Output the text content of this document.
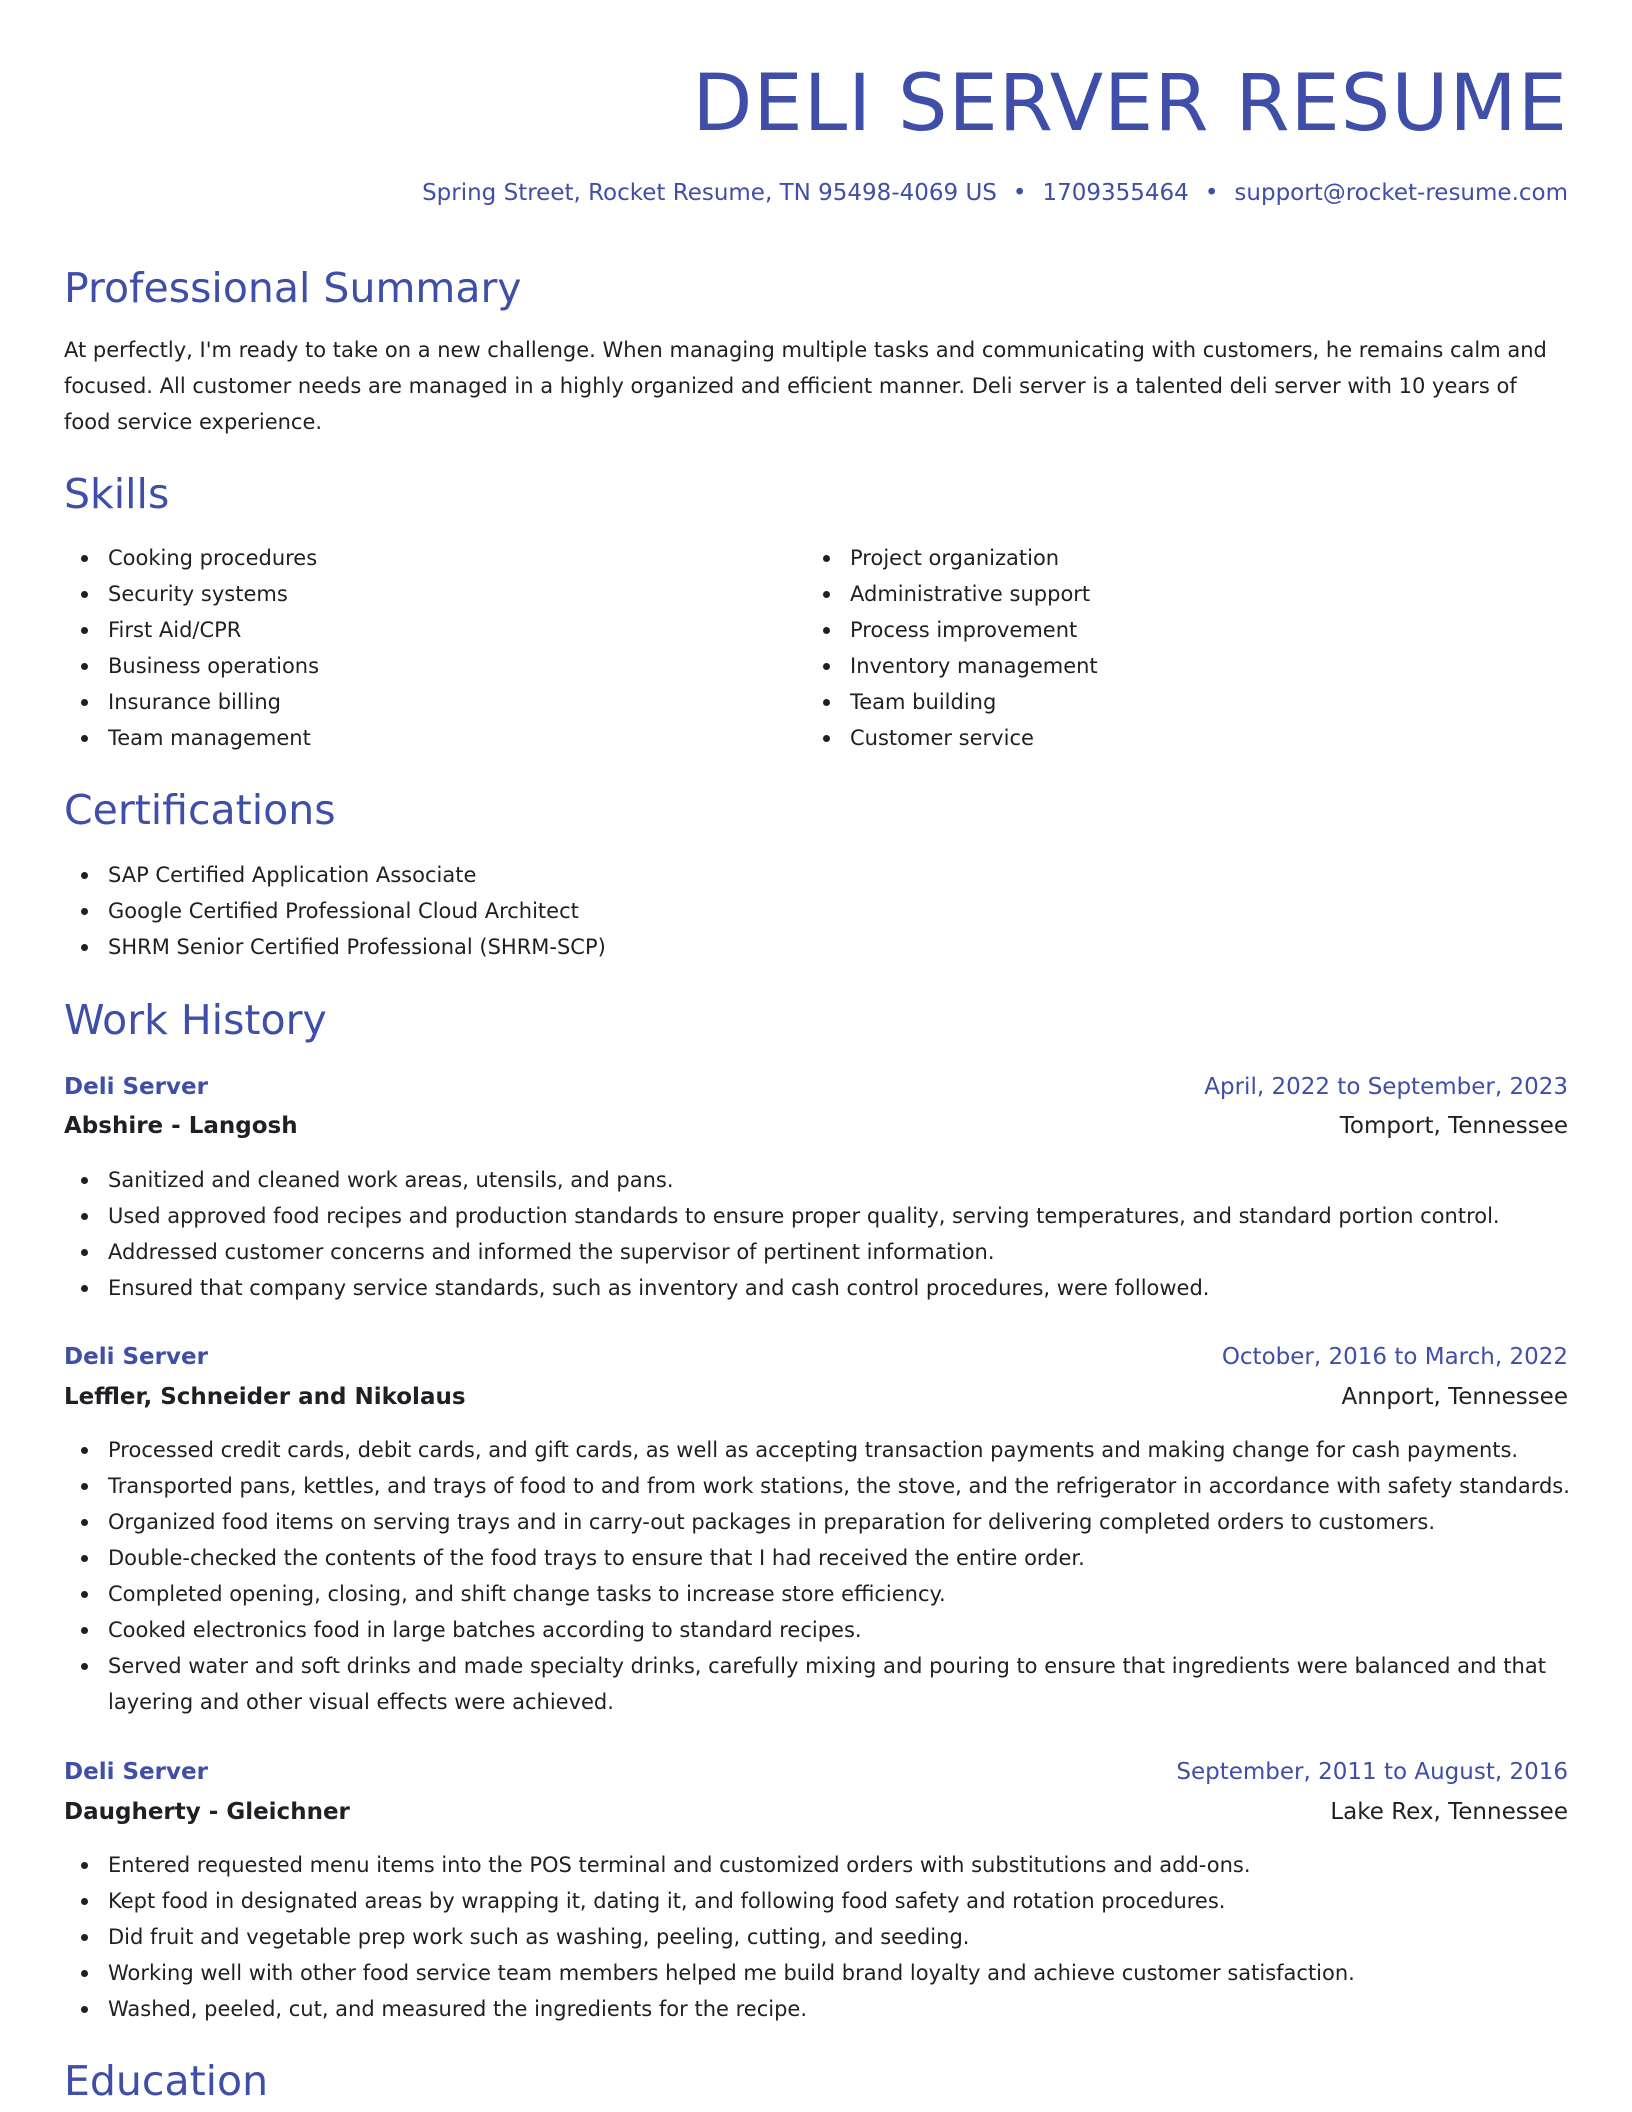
DELI SERVER RESUME
Spring Street, Rocket Resume, TN 95498-4069 US • 1709355464 • support@rocket-resume.com
Professional Summary

At perfectly, I'm ready to take on a new challenge. When managing multiple tasks and communicating with customers, he remains calm and focused. All customer needs are managed in a highly organized and efficient manner. Deli server is a talented deli server with 10 years of food service experience.

Skills
Cooking procedures
Security systems
First Aid/CPR
Business operations
Insurance billing
Team management
Project organization
Administrative support
Process improvement
Inventory management
Team building
Customer service
Certifications
SAP Certified Application Associate
Google Certified Professional Cloud Architect
SHRM Senior Certified Professional (SHRM-SCP)
Work History
Deli Server	April, 2022 to September, 2023
Abshire - Langosh	Tomport, Tennessee
Sanitized and cleaned work areas, utensils, and pans.
Used approved food recipes and production standards to ensure proper quality, serving temperatures, and standard portion control.
Addressed customer concerns and informed the supervisor of pertinent information.
Ensured that company service standards, such as inventory and cash control procedures, were followed.
Deli Server	October, 2016 to March, 2022
Leffler, Schneider and Nikolaus	Annport, Tennessee
Processed credit cards, debit cards, and gift cards, as well as accepting transaction payments and making change for cash payments.
Transported pans, kettles, and trays of food to and from work stations, the stove, and the refrigerator in accordance with safety standards.
Organized food items on serving trays and in carry-out packages in preparation for delivering completed orders to customers.
Double-checked the contents of the food trays to ensure that I had received the entire order.
Completed opening, closing, and shift change tasks to increase store efficiency.
Cooked electronics food in large batches according to standard recipes.
Served water and soft drinks and made specialty drinks, carefully mixing and pouring to ensure that ingredients were balanced and that layering and other visual effects were achieved.
Deli Server	September, 2011 to August, 2016
Daugherty - Gleichner	Lake Rex, Tennessee
Entered requested menu items into the POS terminal and customized orders with substitutions and add-ons.
Kept food in designated areas by wrapping it, dating it, and following food safety and rotation procedures.
Did fruit and vegetable prep work such as washing, peeling, cutting, and seeding.
Working well with other food service team members helped me build brand loyalty and achieve customer satisfaction.
Washed, peeled, cut, and measured the ingredients for the recipe.
Education
